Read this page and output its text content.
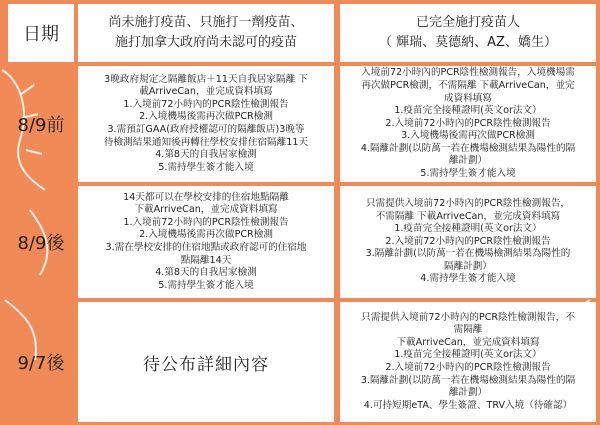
日期
尚未施打疫苗、只施打一劑疫苗、
施打加拿大政府尚未認可的疫苗
已完全施打疫苗人
（ 輝瑞、莫德納、AZ、嬌生）
8/9前
3晚政府規定之隔離飯店＋11天自我居家隔離 下
載ArriveCan，並完成資料填寫
1.入境前72小時內的PCR陰性檢測報告
2.入境機場後需再次做PCR檢測
3.需預訂GAA(政府授權認可的隔離飯店)3晚等
待檢測結果通知後再轉往學校安排住宿隔離11天
4.第8天的自我居家檢測
5.需持學生簽才能入境
入境前72小時內的PCR陰性檢測報告，入境機場需
再次做PCR檢測，不需隔離 下載ArriveCan，並完
成資料填寫
1.疫苗完全接種證明(英文or法文）
2.入境前72小時內的PCR陰性檢測報告
3.入境機場後需再次做PCR檢測
4.隔離計劃(以防萬一若在機場檢測結果為陽性的隔
離計劃）
5.需持學生簽才能入境
8/9後
14天都可以在學校安排的住宿地點隔離
下載ArriveCan，並完成資料填寫
1.入境前72小時內的PCR陰性檢測報告
2.入境機場後需再次做PCR檢測
3.需在學校安排的住宿地點或政府認可的住宿地
點隔離14天
4.第8天的自我居家檢測
5.需持學生簽才能入境
只需提供入境前72小時內的PCR陰性檢測報告，
不需隔離 下載ArriveCan，並完成資料填寫
1.疫苗完全接種證明(英文or法文）
2.入境前72小時內的PCR陰性檢測報告
3.隔離計劃(以防萬一若在機場檢測結果為陽性的
隔離計劃）
4.需持學生簽才能入境
9/7後	待公布詳細內容
只需提供入境前72小時內的PCR陰性檢測報告，不
需隔離
下載ArriveCan，並完成資料填寫
1.疫苗完全接種證明(英文or法文）
2.入境前72小時內的PCR陰性檢測報告
3.隔離計劃(以防萬一若在機場檢測結果為陽性的隔
離計劃）
4.可持短期eTA、學生簽證、TRV入境（待確認）
